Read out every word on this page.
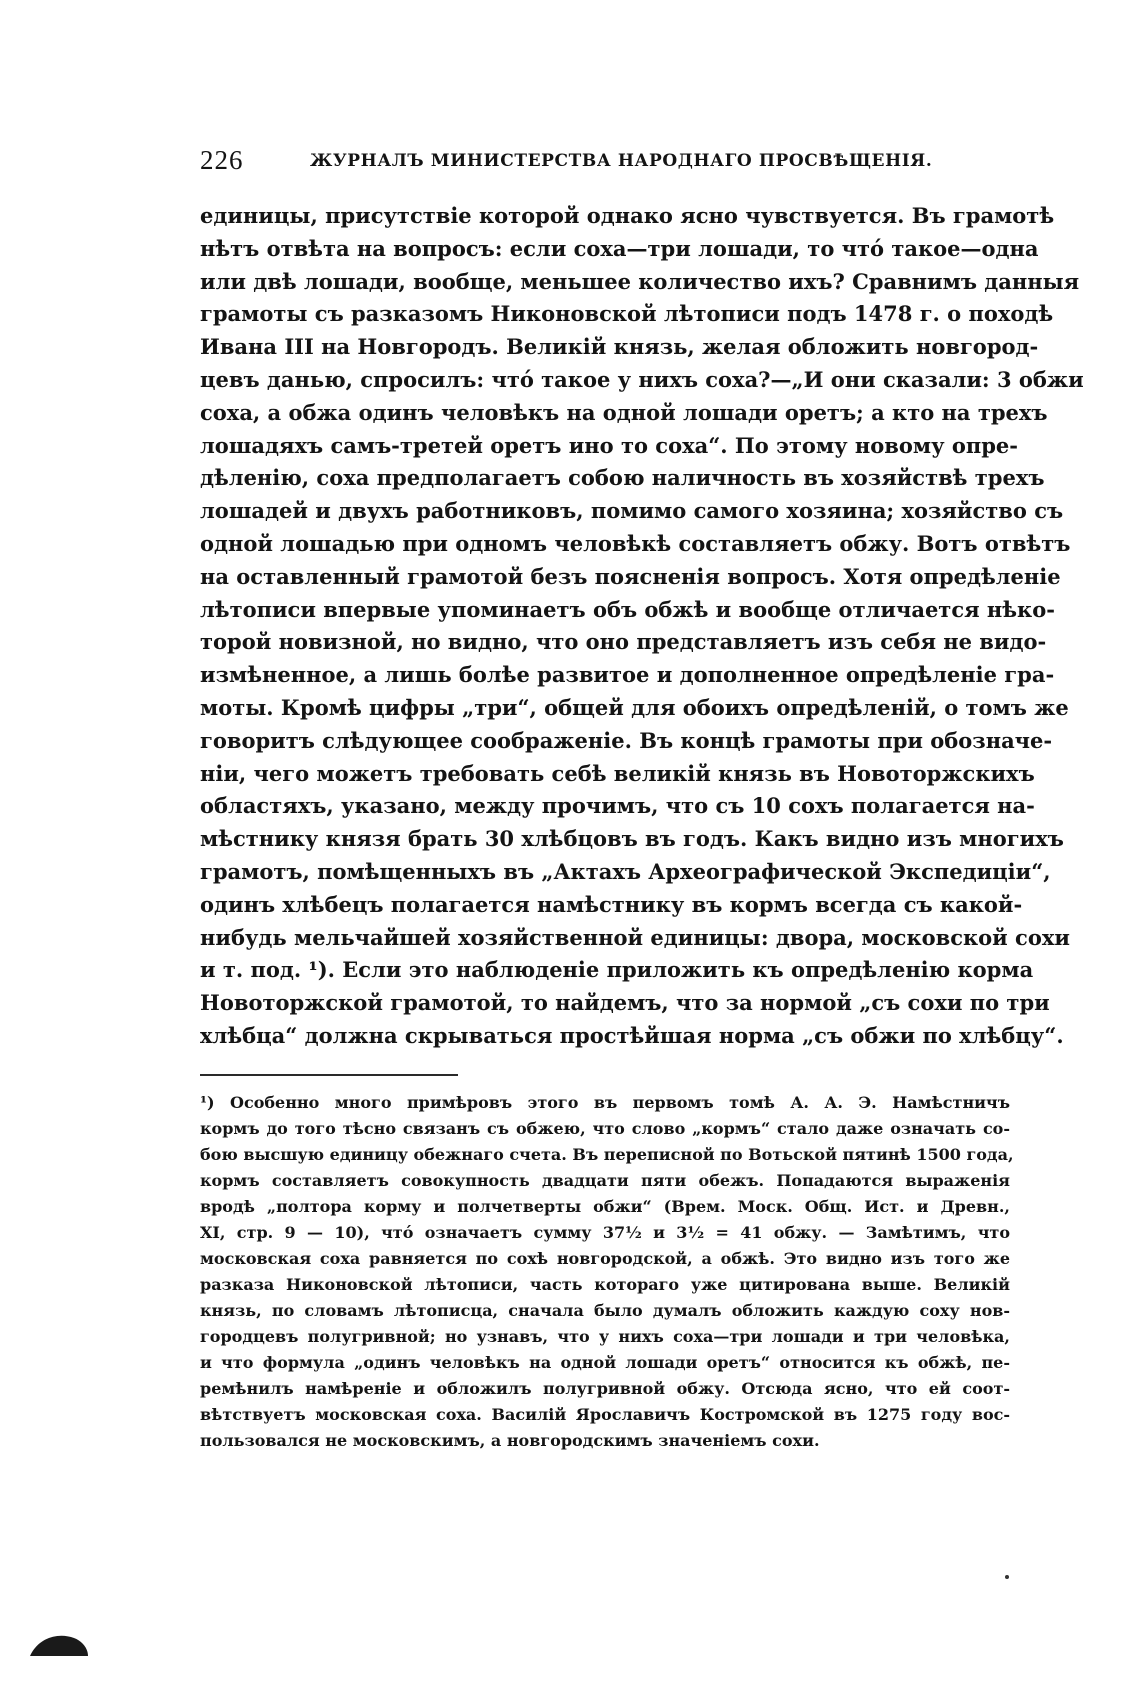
226	ЖУРНАЛЪ МИНИСТЕРСТВА НАРОДНАГО ПРОСВѢЩЕНІЯ.
единицы, присутствіе которой однако ясно чувствуется. Въ грамотѣ
нѣтъ отвѣта на вопросъ: если соха—три лошади, то что́ такое—одна
или двѣ лошади, вообще, меньшее количество ихъ? Сравнимъ данныя
грамоты съ разказомъ Никоновской лѣтописи подъ 1478 г. о походѣ
Ивана III на Новгородъ. Великій князь, желая обложить новгород-
цевъ данью, спросилъ: что́ такое у нихъ соха?—„И они сказали: 3 обжи
соха, а обжа одинъ человѣкъ на одной лошади оретъ; а кто на трехъ
лошадяхъ самъ-третей оретъ ино то соха“. По этому новому опре-
дѣленію, соха предполагаетъ собою наличность въ хозяйствѣ трехъ
лошадей и двухъ работниковъ, помимо самого хозяина; хозяйство съ
одной лошадью при одномъ человѣкѣ составляетъ обжу. Вотъ отвѣтъ
на оставленный грамотой безъ поясненія вопросъ. Хотя опредѣленіе
лѣтописи впервые упоминаетъ объ обжѣ и вообще отличается нѣко-
торой новизной, но видно, что оно представляетъ изъ себя не видо-
измѣненное, а лишь болѣе развитое и дополненное опредѣленіе гра-
моты. Кромѣ цифры „три“, общей для обоихъ опредѣленій, о томъ же
говоритъ слѣдующее соображеніе. Въ концѣ грамоты при обозначе-
ніи, чего можетъ требовать себѣ великій князь въ Новоторжскихъ
областяхъ, указано, между прочимъ, что съ 10 сохъ полагается на-
мѣстнику князя брать 30 хлѣбцовъ въ годъ. Какъ видно изъ многихъ
грамотъ, помѣщенныхъ въ „Актахъ Археографической Экспедиціи“,
одинъ хлѣбецъ полагается намѣстнику въ кормъ всегда съ какой-
нибудь мельчайшей хозяйственной единицы: двора, московской сохи
и т. под. ¹). Если это наблюденіе приложить къ опредѣленію корма
Новоторжской грамотой, то найдемъ, что за нормой „съ сохи по три
хлѣбца“ должна скрываться простѣйшая норма „съ обжи по хлѣбцу“.
¹) Особенно много примѣровъ этого въ первомъ томѣ А. А. Э. Намѣстничъ
кормъ до того тѣсно связанъ съ обжею, что слово „кормъ“ стало даже означать со-
бою высшую единицу обежнаго счета. Въ переписной по Вотьской пятинѣ 1500 года,
кормъ составляетъ совокупность двадцати пяти обежъ. Попадаются выраженія
вродѣ „полтора корму и полчетверты обжи“ (Врем. Моск. Общ. Ист. и Древн.,
XI, стр. 9 — 10), что́ означаетъ сумму 37½ и 3½ = 41 обжу. — Замѣтимъ, что
московская соха равняется по сохѣ новгородской, а обжѣ. Это видно изъ того же
разказа Никоновской лѣтописи, часть котораго уже цитирована выше. Великій
князь, по словамъ лѣтописца, сначала было думалъ обложить каждую соху нов-
городцевъ полугривной; но узнавъ, что у нихъ соха—три лошади и три человѣка,
и что формула „одинъ человѣкъ на одной лошади оретъ“ относится къ обжѣ, пе-
ремѣнилъ намѣреніе и обложилъ полугривной обжу. Отсюда ясно, что ей соот-
вѣтствуетъ московская соха. Василій Ярославичъ Костромской въ 1275 году вос-
пользовался не московскимъ, а новгородскимъ значеніемъ сохи.
